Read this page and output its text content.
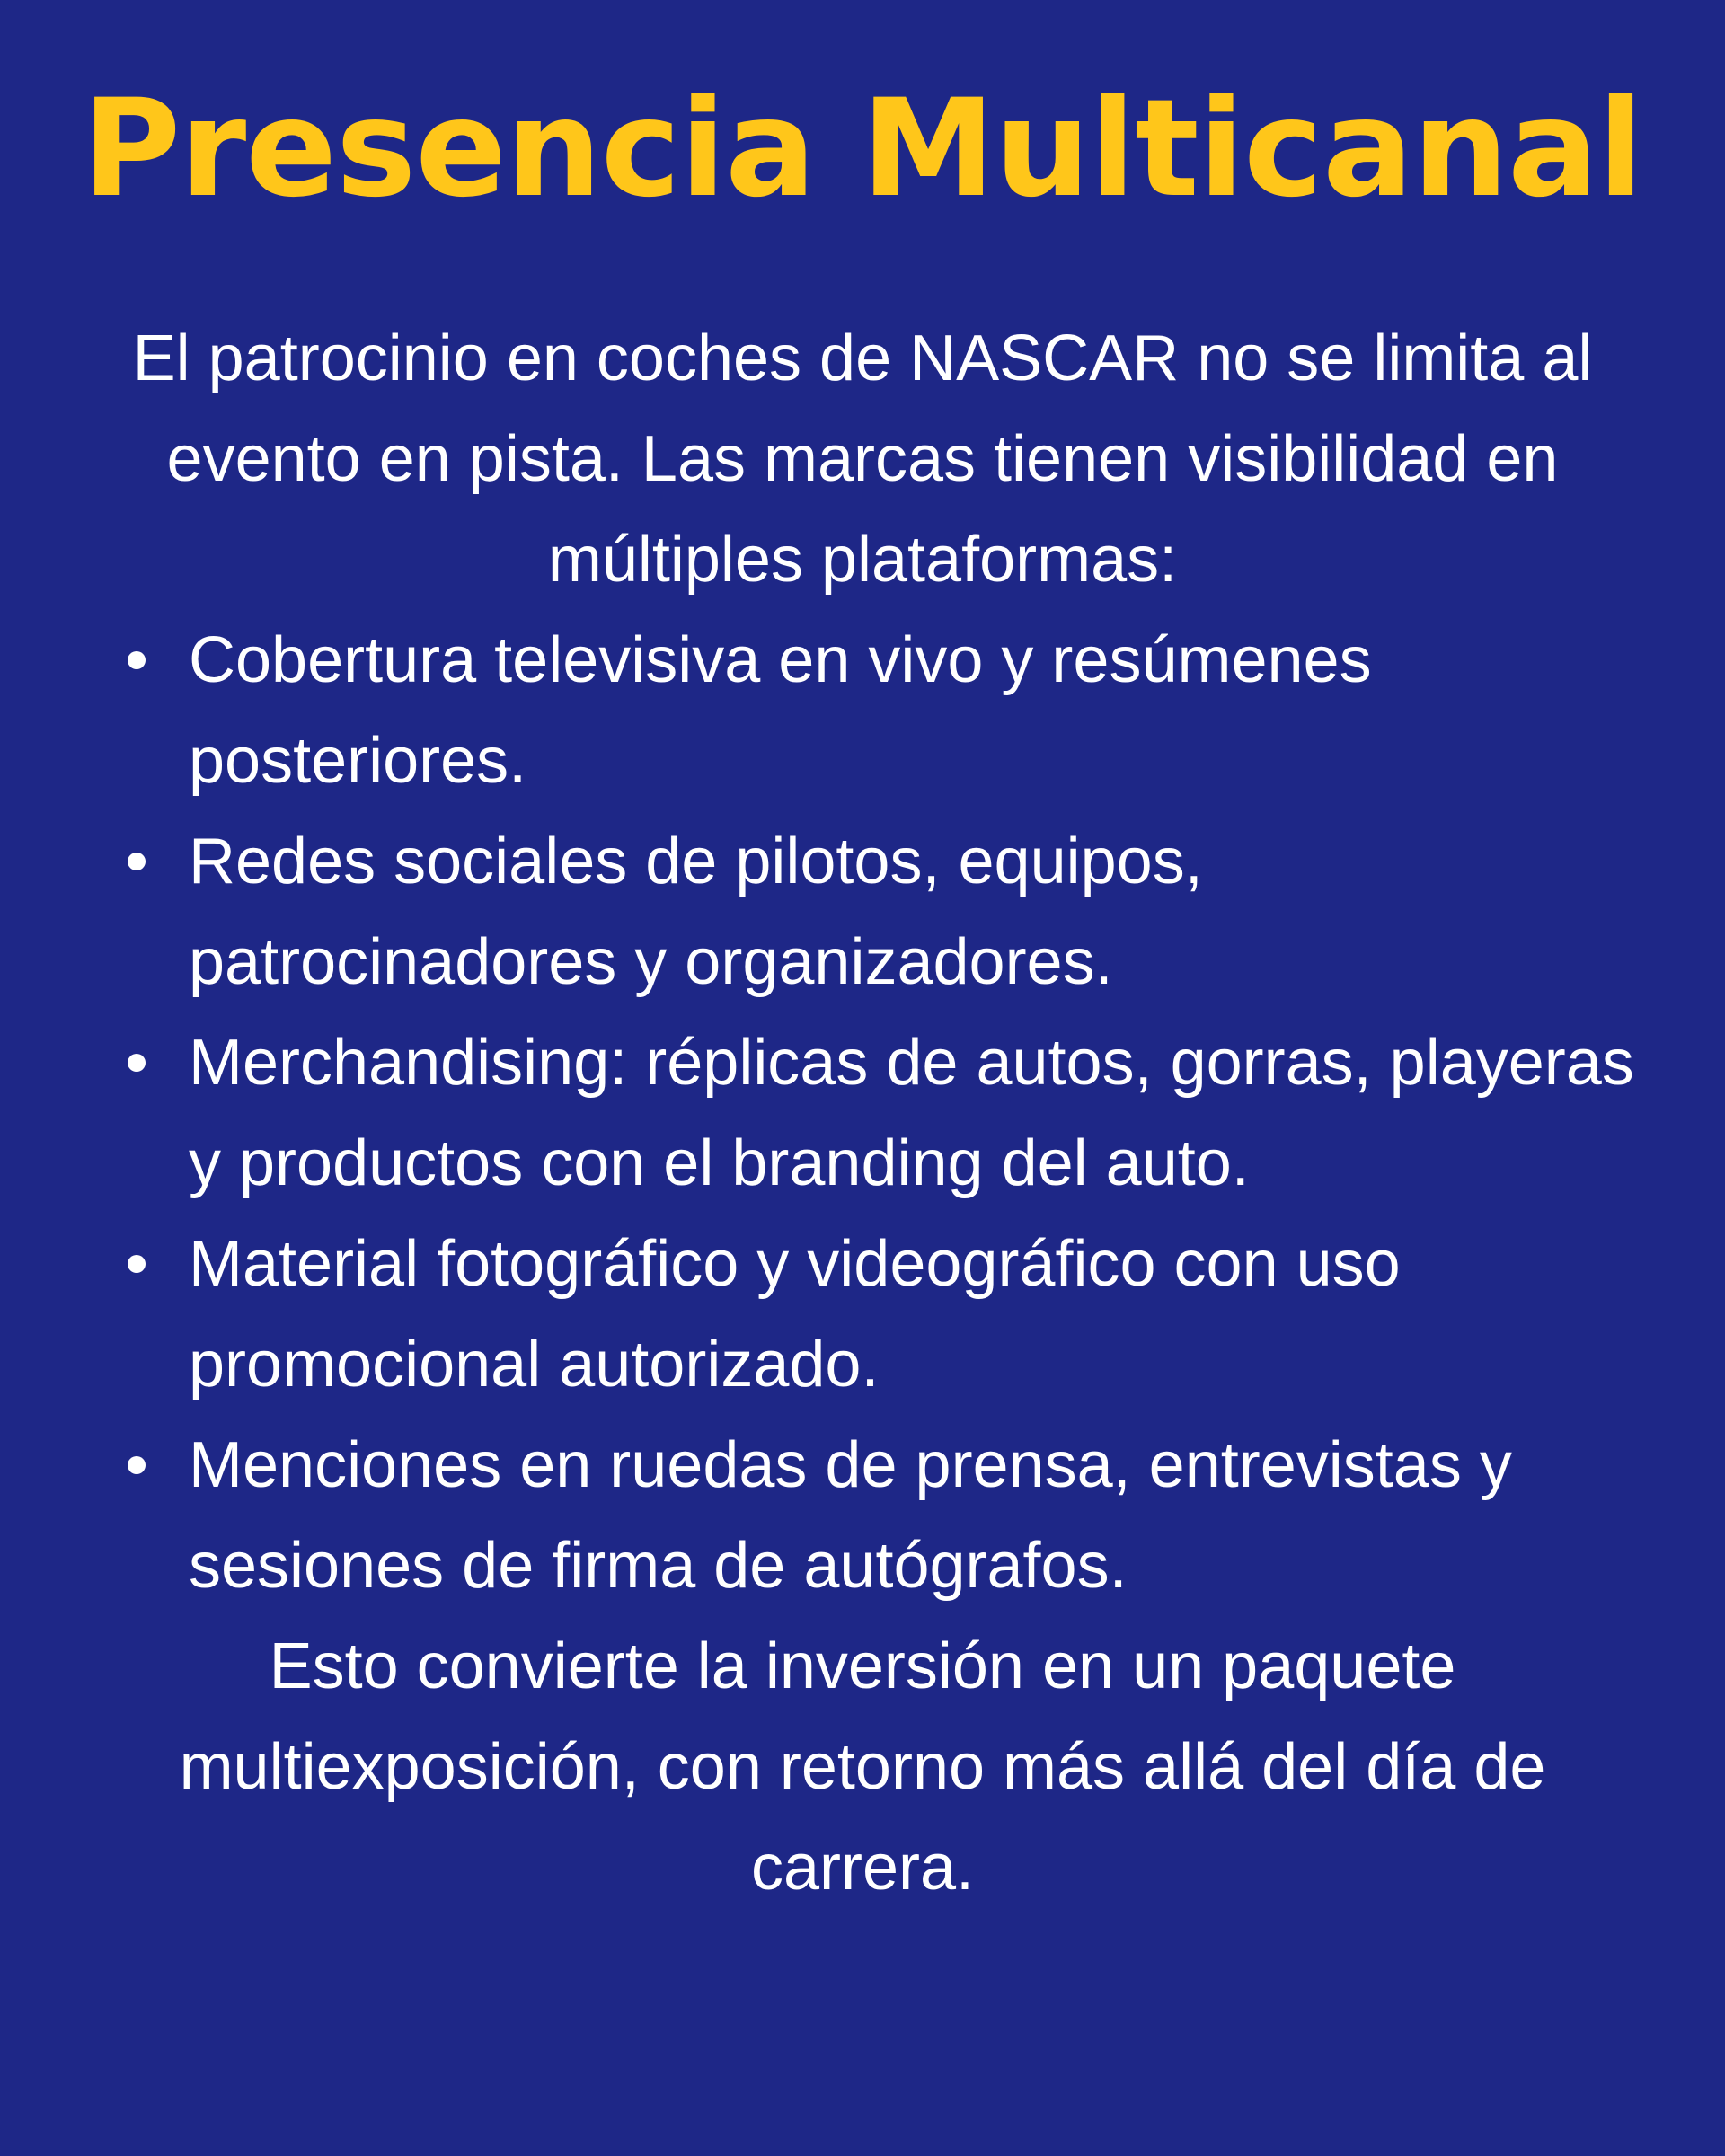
Presencia Multicanal

El patrocinio en coches de NASCAR no se limita al evento en pista. Las marcas tienen visibilidad en múltiples plataformas:

Cobertura televisiva en vivo y resúmenes posteriores.
Redes sociales de pilotos, equipos, patrocinadores y organizadores.
Merchandising: réplicas de autos, gorras, playeras y productos con el branding del auto.
Material fotográfico y videográfico con uso promocional autorizado.
Menciones en ruedas de prensa, entrevistas y sesiones de firma de autógrafos.

Esto convierte la inversión en un paquete multiexposición, con retorno más allá del día de carrera.
